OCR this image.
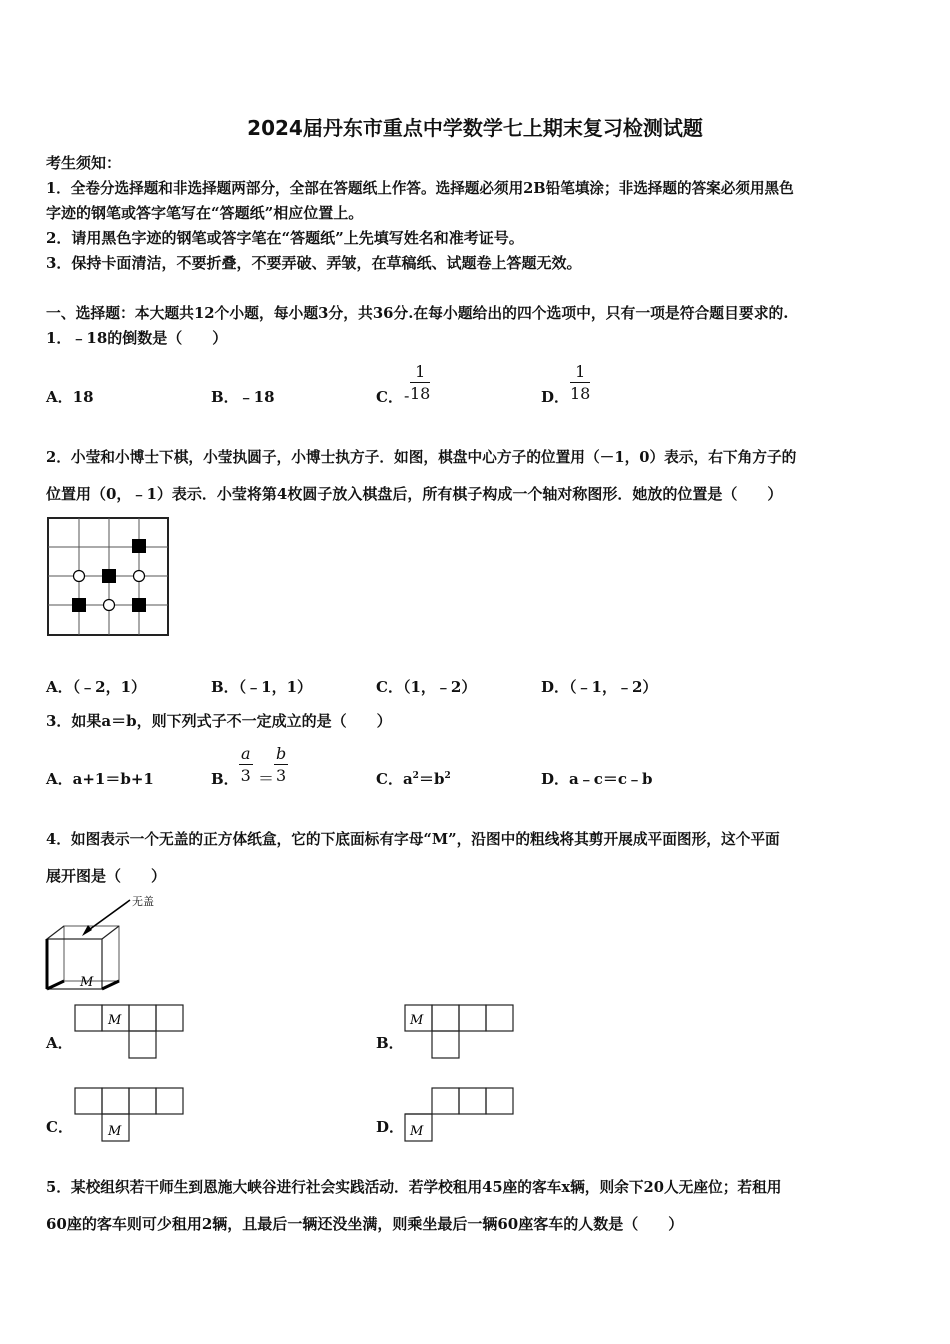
2024届丹东市重点中学数学七上期末复习检测试题
考生须知：
1．全卷分选择题和非选择题两部分，全部在答题纸上作答。选择题必须用2B铅笔填涂；非选择题的答案必须用黑色
字迹的钢笔或答字笔写在“答题纸”相应位置上。
2．请用黑色字迹的钢笔或答字笔在“答题纸”上先填写姓名和准考证号。
3．保持卡面清洁，不要折叠，不要弄破、弄皱，在草稿纸、试题卷上答题无效。
一、选择题：本大题共12个小题，每小题3分，共36分.在每小题给出的四个选项中，只有一项是符合题目要求的.
1．﹣18的倒数是（　　）
A．18	B．﹣18	C． - $\frac{1}{18}$	D． $\frac{1}{18}$
2．小莹和小博士下棋，小莹执圆子，小博士执方子．如图，棋盘中心方子的位置用（－1，0）表示，右下角方子的
位置用（0，﹣1）表示．小莹将第4枚圆子放入棋盘后，所有棋子构成一个轴对称图形．她放的位置是（　　）
A．（﹣2，1）	B．（﹣1，1）	C．（1，﹣2）	D．（﹣1，﹣2）
3．如果a＝b，则下列式子不一定成立的是（　　）
A．a+1＝b+1	B． $\frac{a}{3} = \frac{b}{3}$	C．$a^2=b^2$	D．a﹣c＝c﹣b
4．如图表示一个无盖的正方体纸盒，它的下底面标有字母“M”，沿图中的粗线将其剪开展成平面图形，这个平面
展开图是（　　）
M
无盖
A．
M
B．
M
C．	M	D． M
5．某校组织若干师生到恩施大峡谷进行社会实践活动．若学校租用45座的客车x辆，则余下20人无座位；若租用
60座的客车则可少租用2辆，且最后一辆还没坐满，则乘坐最后一辆60座客车的人数是（　　）
